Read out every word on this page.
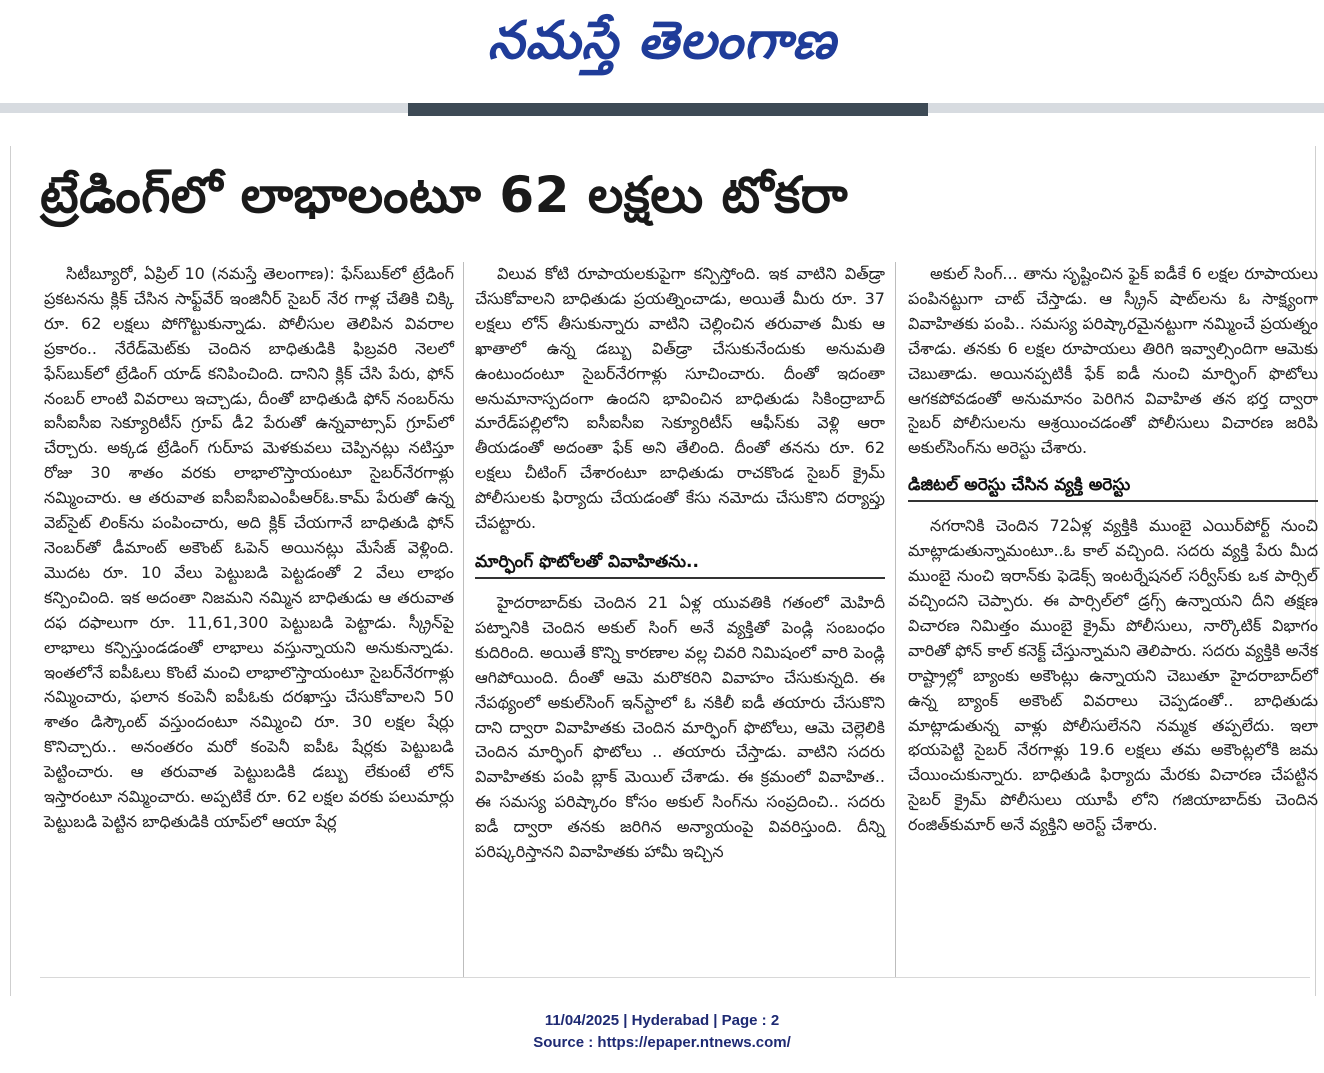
నమస్తే తెలంగాణ
ట్రేడింగ్‌లో లాభాలంటూ 62 లక్షలు టోకరా

సిటీబ్యూరో, ఏప్రిల్ 10 (నమస్తే తెలంగాణ): ఫేస్‌బుక్‌లో ట్రేడింగ్ ప్రకటనను క్లిక్ చేసిన సాఫ్ట్‌వేర్ ఇంజినీర్ సైబర్ నేర గాళ్ల చేతికి చిక్కి రూ. 62 లక్షలు పోగొట్టుకున్నాడు. పోలీసుల తెలిపిన వివరాల ప్రకారం.. నేరేడ్‌మెట్‌కు చెందిన బాధితుడికి ఫిబ్రవరి నెలలో ఫేస్‌బుక్‌లో ట్రేడింగ్ యాడ్ కనిపించింది. దానిని క్లిక్ చేసి పేరు, ఫోన్ నంబర్ లాంటి వివరాలు ఇచ్చాడు, దీంతో బాధితుడి ఫోన్ నంబర్‌ను ఐసీఐసీఐ సెక్యూరిటీస్ గ్రూప్ డీ2 పేరుతో ఉన్నవాట్సాప్ గ్రూప్‌లో చేర్చారు. అక్కడ ట్రేడింగ్ గురూ్ప మెళకువలు చెప్పినట్లు నటిస్తూ రోజు 30 శాతం వరకు లాభాలొస్తాయంటూ సైబర్‌నేరగాళ్లు నమ్మించారు. ఆ తరువాత ఐసీఐసీఐఎంపీఆర్‌ఓ.కామ్ పేరుతో ఉన్న వెబ్‌సైట్ లింక్‌ను పంపించారు, అది క్లిక్ చేయగానే బాధితుడి ఫోన్ నెంబర్‌తో డీమాంట్ అకౌంట్ ఓపెన్ అయినట్లు మేసేజ్ వెళ్లింది. మొదట రూ. 10 వేలు పెట్టుబడి పెట్టడంతో 2 వేలు లాభం కన్పించింది. ఇక అదంతా నిజమని నమ్మిన బాధితుడు ఆ తరువాత దఫ దఫాలుగా రూ. 11,61,300 పెట్టుబడి పెట్టాడు. స్క్రీన్‌పై లాభాలు కన్పిస్తుండడంతో లాభాలు వస్తున్నాయని అనుకున్నాడు. ఇంతలోనే ఐపీఓలు కొంటే మంచి లాభాలొస్తాయంటూ సైబర్‌నేరగాళ్లు నమ్మించారు, ఫలాన కంపెనీ ఐపీఓకు దరఖాస్తు చేసుకోవాలని 50 శాతం డిస్కౌంట్ వస్తుందంటూ నమ్మించి రూ. 30 లక్షల షేర్లు కొనిచ్చారు.. అనంతరం మరో కంపెనీ ఐపీఓ షేర్లకు పెట్టుబడి పెట్టించారు. ఆ తరువాత పెట్టుబడికి డబ్బు లేకుంటే లోన్ ఇస్తారంటూ నమ్మించారు. అప్పటికే రూ. 62 లక్షల వరకు పలుమార్లు పెట్టుబడి పెట్టిన బాధితుడికి యాప్‌లో ఆయా షేర్ల

విలువ కోటి రూపాయలకుపైగా కన్పిస్తోంది. ఇక వాటిని విత్‌డ్రా చేసుకోవాలని బాధితుడు ప్రయత్నించాడు, అయితే మీరు రూ. 37 లక్షలు లోన్ తీసుకున్నారు వాటిని చెల్లించిన తరువాత మీకు ఆ ఖాతాలో ఉన్న డబ్బు విత్‌డ్రా చేసుకునేందుకు అనుమతి ఉంటుందంటూ సైబర్‌నేరగాళ్లు సూచించారు. దీంతో ఇదంతా అనుమానాస్పదంగా ఉందని భావించిన బాధితుడు సికింద్రాబాద్ మారేడ్‌పల్లిలోని ఐసీఐసీఐ సెక్యూరిటీస్ ఆఫీస్‌కు వెళ్లి ఆరా తీయడంతో అదంతా ఫేక్ అని తేలింది. దీంతో తనను రూ. 62 లక్షలు చీటింగ్ చేశారంటూ బాధితుడు రాచకొండ సైబర్ క్రైమ్ పోలీసులకు ఫిర్యాదు చేయడంతో కేసు నమోదు చేసుకొని దర్యాప్తు చేపట్టారు.

మార్ఫింగ్ ఫొటోలతో వివాహితను..

హైదరాబాద్‌కు చెందిన 21 ఏళ్ల యువతికి గతంలో మెహిదీ పట్నానికి చెందిన అకుల్ సింగ్ అనే వ్యక్తితో పెండ్లి సంబంధం కుదిరింది. అయితే కొన్ని కారణాల వల్ల చివరి నిమిషంలో వారి పెండ్లి ఆగిపోయింది. దీంతో ఆమె మరొకరిని వివాహం చేసుకున్నది. ఈ నేపథ్యంలో అకుల్‌సింగ్ ఇన్‌స్టాలో ఓ నకిలీ ఐడీ తయారు చేసుకొని దాని ద్వారా వివాహితకు చెందిన మార్ఫింగ్ ఫొటోలు, ఆమె చెల్లెలికి చెందిన మార్ఫింగ్ ఫొటోలు .. తయారు చేస్తాడు. వాటిని సదరు వివాహితకు పంపి బ్లాక్ మెయిల్ చేశాడు. ఈ క్రమంలో వివాహిత.. ఈ సమస్య పరిష్కారం కోసం అకుల్ సింగ్‌ను సంప్రదించి.. సదరు ఐడీ ద్వారా తనకు జరిగిన అన్యాయంపై వివరిస్తుంది. దీన్ని పరిష్కరిస్తానని వివాహితకు హామీ ఇచ్చిన

అకుల్ సింగ్... తాను సృష్టించిన ఫైక్ ఐడీకే 6 లక్షల రూపాయలు పంపినట్టుగా చాట్ చేస్తాడు. ఆ స్క్రీన్ షాట్‌లను ఓ సాక్ష్యంగా వివాహితకు పంపి.. సమస్య పరిష్కారమైనట్టుగా నమ్మించే ప్రయత్నం చేశాడు. తనకు 6 లక్షల రూపాయలు తిరిగి ఇవ్వాల్సిందిగా ఆమెకు చెబుతాడు. అయినప్పటికీ ఫేక్ ఐడీ నుంచి మార్ఫింగ్ ఫొటోలు ఆగకపోవడంతో అనుమానం పెరిగిన వివాహిత తన భర్త ద్వారా సైబర్ పోలీసులను ఆశ్రయించడంతో పోలీసులు విచారణ జరిపి అకుల్‌సింగ్‌ను అరెస్టు చేశారు.

డిజిటల్ అరెస్టు చేసిన వ్యక్తి అరెస్టు

నగరానికి చెందిన 72ఏళ్ల వ్యక్తికి ముంబై ఎయిర్‌పోర్ట్ నుంచి మాట్లాడుతున్నామంటూ..ఓ కాల్ వచ్చింది. సదరు వ్యక్తి పేరు మీద ముంబై నుంచి ఇరాన్‌కు ఫెడెక్స్ ఇంటర్నేషనల్ సర్వీస్‌కు ఒక పార్సిల్ వచ్చిందని చెప్పారు. ఈ పార్సిల్‌లో డ్రగ్స్ ఉన్నాయని దీని తక్షణ విచారణ నిమిత్తం ముంబై క్రైమ్ పోలీసులు, నార్కొటిక్ విభాగం వారితో ఫోన్ కాల్ కనెక్ట్ చేస్తున్నామని తెలిపారు. సదరు వ్యక్తికి అనేక రాష్ట్రాల్లో బ్యాంకు అకౌంట్లు ఉన్నాయని చెబుతూ హైదరాబాద్‌లో ఉన్న బ్యాంక్ అకౌంట్ వివరాలు చెప్పడంతో.. బాధితుడు మాట్లాడుతున్న వాళ్లు పోలీసులేనని నమ్మక తప్పలేదు. ఇలా భయపెట్టి సైబర్ నేరగాళ్లు 19.6 లక్షలు తమ అకౌంట్లలోకి జమ చేయించుకున్నారు. బాధితుడి ఫిర్యాదు మేరకు విచారణ చేపట్టిన సైబర్ క్రైమ్ పోలీసులు యూపీ లోని గజియాబాద్‌కు చెందిన రంజిత్‌కుమార్ అనే వ్యక్తిని అరెస్ట్ చేశారు.

11/04/2025 | Hyderabad | Page : 2
Source : https://epaper.ntnews.com/
